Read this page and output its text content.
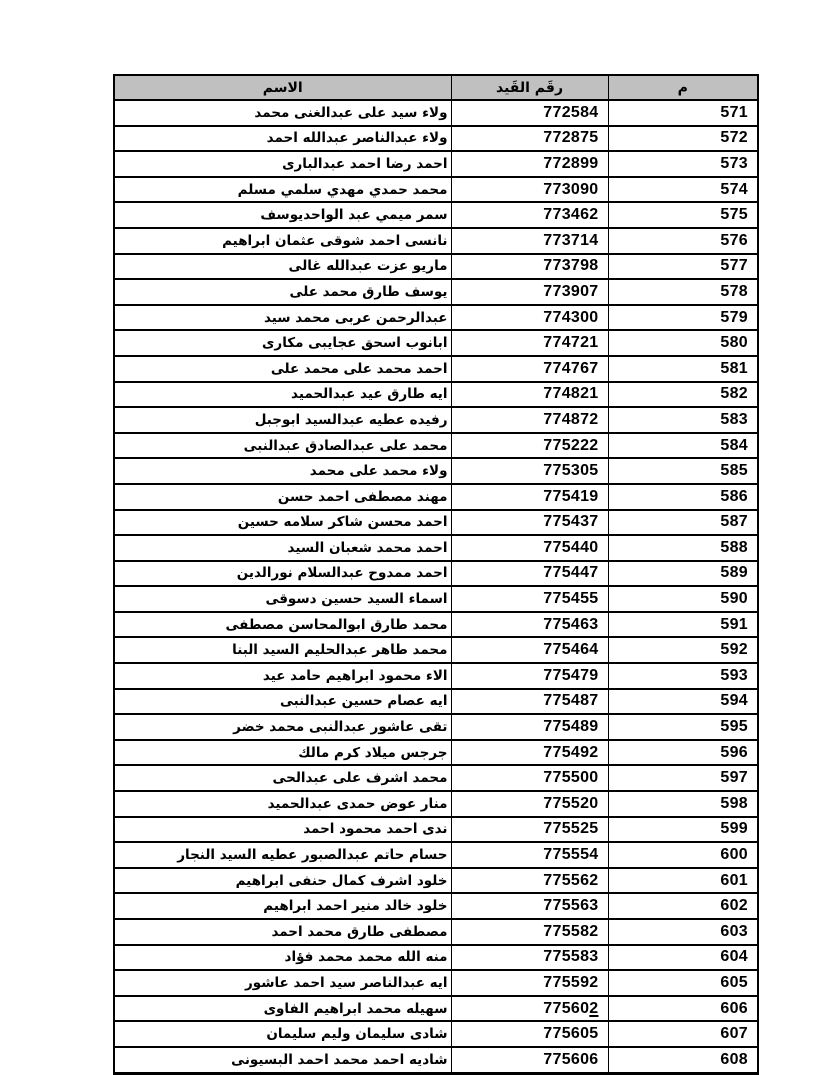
م	رقَم القَيد	الاسم
571	772584	ولاء سيد على عبدالغنى محمد
572	772875	ولاء عبدالناصر عبدالله احمد
573	772899	احمد رضا احمد عبدالبارى
574	773090	محمد حمدي مهدي سلمي مسلم
575	773462	سمر ميمي عبد الواحديوسف
576	773714	نانسى احمد شوقى عثمان ابراهيم
577	773798	ماريو عزت عبدالله غالى
578	773907	يوسف طارق محمد على
579	774300	عبدالرحمن عربى محمد سيد
580	774721	ابانوب اسحق عجايبى مكارى
581	774767	احمد محمد على محمد على
582	774821	ايه طارق عيد عبدالحميد
583	774872	رفيده عطيه عبدالسيد ابوجبل
584	775222	محمد على عبدالصادق عبدالنبى
585	775305	ولاء محمد على محمد
586	775419	مهند مصطفى احمد حسن
587	775437	احمد محسن شاكر سلامه حسين
588	775440	احمد محمد شعبان السيد
589	775447	احمد ممدوح عبدالسلام نورالدين
590	775455	اسماء السيد حسين دسوقى
591	775463	محمد طارق ابوالمحاسن مصطفى
592	775464	محمد طاهر عبدالحليم السيد البنا
593	775479	الاء محمود ابراهيم حامد عيد
594	775487	ايه عصام حسين عبدالنبى
595	775489	تقى عاشور عبدالنبى محمد خضر
596	775492	جرجس ميلاد كرم مالك
597	775500	محمد اشرف على عبدالحى
598	775520	منار عوض حمدى عبدالحميد
599	775525	ندى احمد محمود احمد
600	775554	حسام حاتم عبدالصبور عطيه السيد النجار
601	775562	خلود اشرف كمال حنفى ابراهيم
602	775563	خلود خالد منير احمد ابراهيم
603	775582	مصطفى طارق محمد احمد
604	775583	منه الله محمد محمد فؤاد
605	775592	ايه عبدالناصر سيد احمد عاشور
606	775602	سهيله محمد ابراهيم الفاوى
607	775605	شادى سليمان وليم سليمان
608	775606	شاديه احمد محمد احمد البسيونى
